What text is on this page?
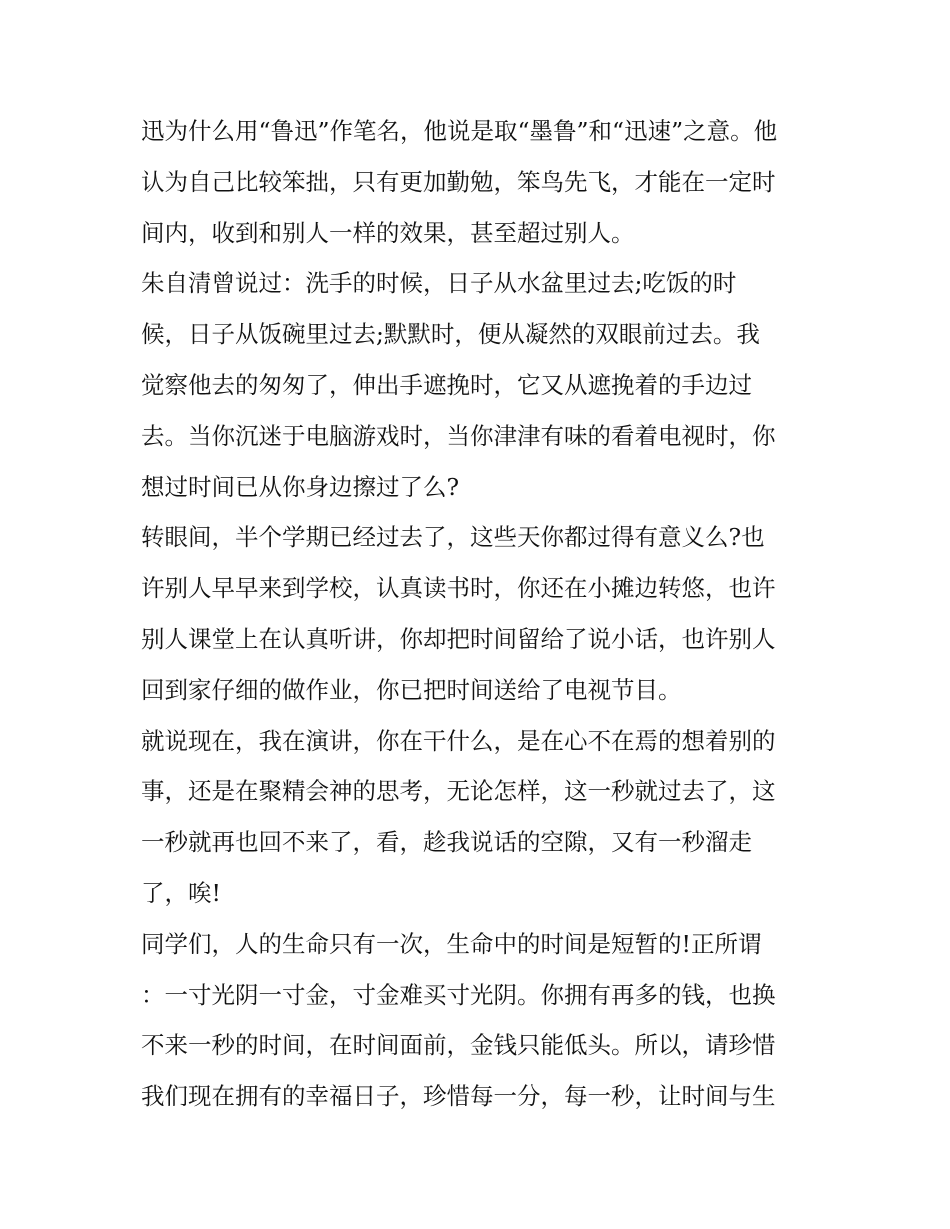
迅为什么用“鲁迅”作笔名，他说是取“墨鲁”和“迅速”之意。他
认为自己比较笨拙，只有更加勤勉，笨鸟先飞，才能在一定时
间内，收到和别人一样的效果，甚至超过别人。
朱自清曾说过：洗手的时候，日子从水盆里过去;吃饭的时
候，日子从饭碗里过去;默默时，便从凝然的双眼前过去。我
觉察他去的匆匆了，伸出手遮挽时，它又从遮挽着的手边过
去。当你沉迷于电脑游戏时，当你津津有味的看着电视时，你
想过时间已从你身边擦过了么?
转眼间，半个学期已经过去了，这些天你都过得有意义么?也
许别人早早来到学校，认真读书时，你还在小摊边转悠，也许
别人课堂上在认真听讲，你却把时间留给了说小话，也许别人
回到家仔细的做作业，你已把时间送给了电视节目。
就说现在，我在演讲，你在干什么，是在心不在焉的想着别的
事，还是在聚精会神的思考，无论怎样，这一秒就过去了，这
一秒就再也回不来了，看，趁我说话的空隙，又有一秒溜走
了，唉!
同学们，人的生命只有一次，生命中的时间是短暂的!正所谓
：一寸光阴一寸金，寸金难买寸光阴。你拥有再多的钱，也换
不来一秒的时间，在时间面前，金钱只能低头。所以，请珍惜
我们现在拥有的幸福日子，珍惜每一分，每一秒，让时间与生
